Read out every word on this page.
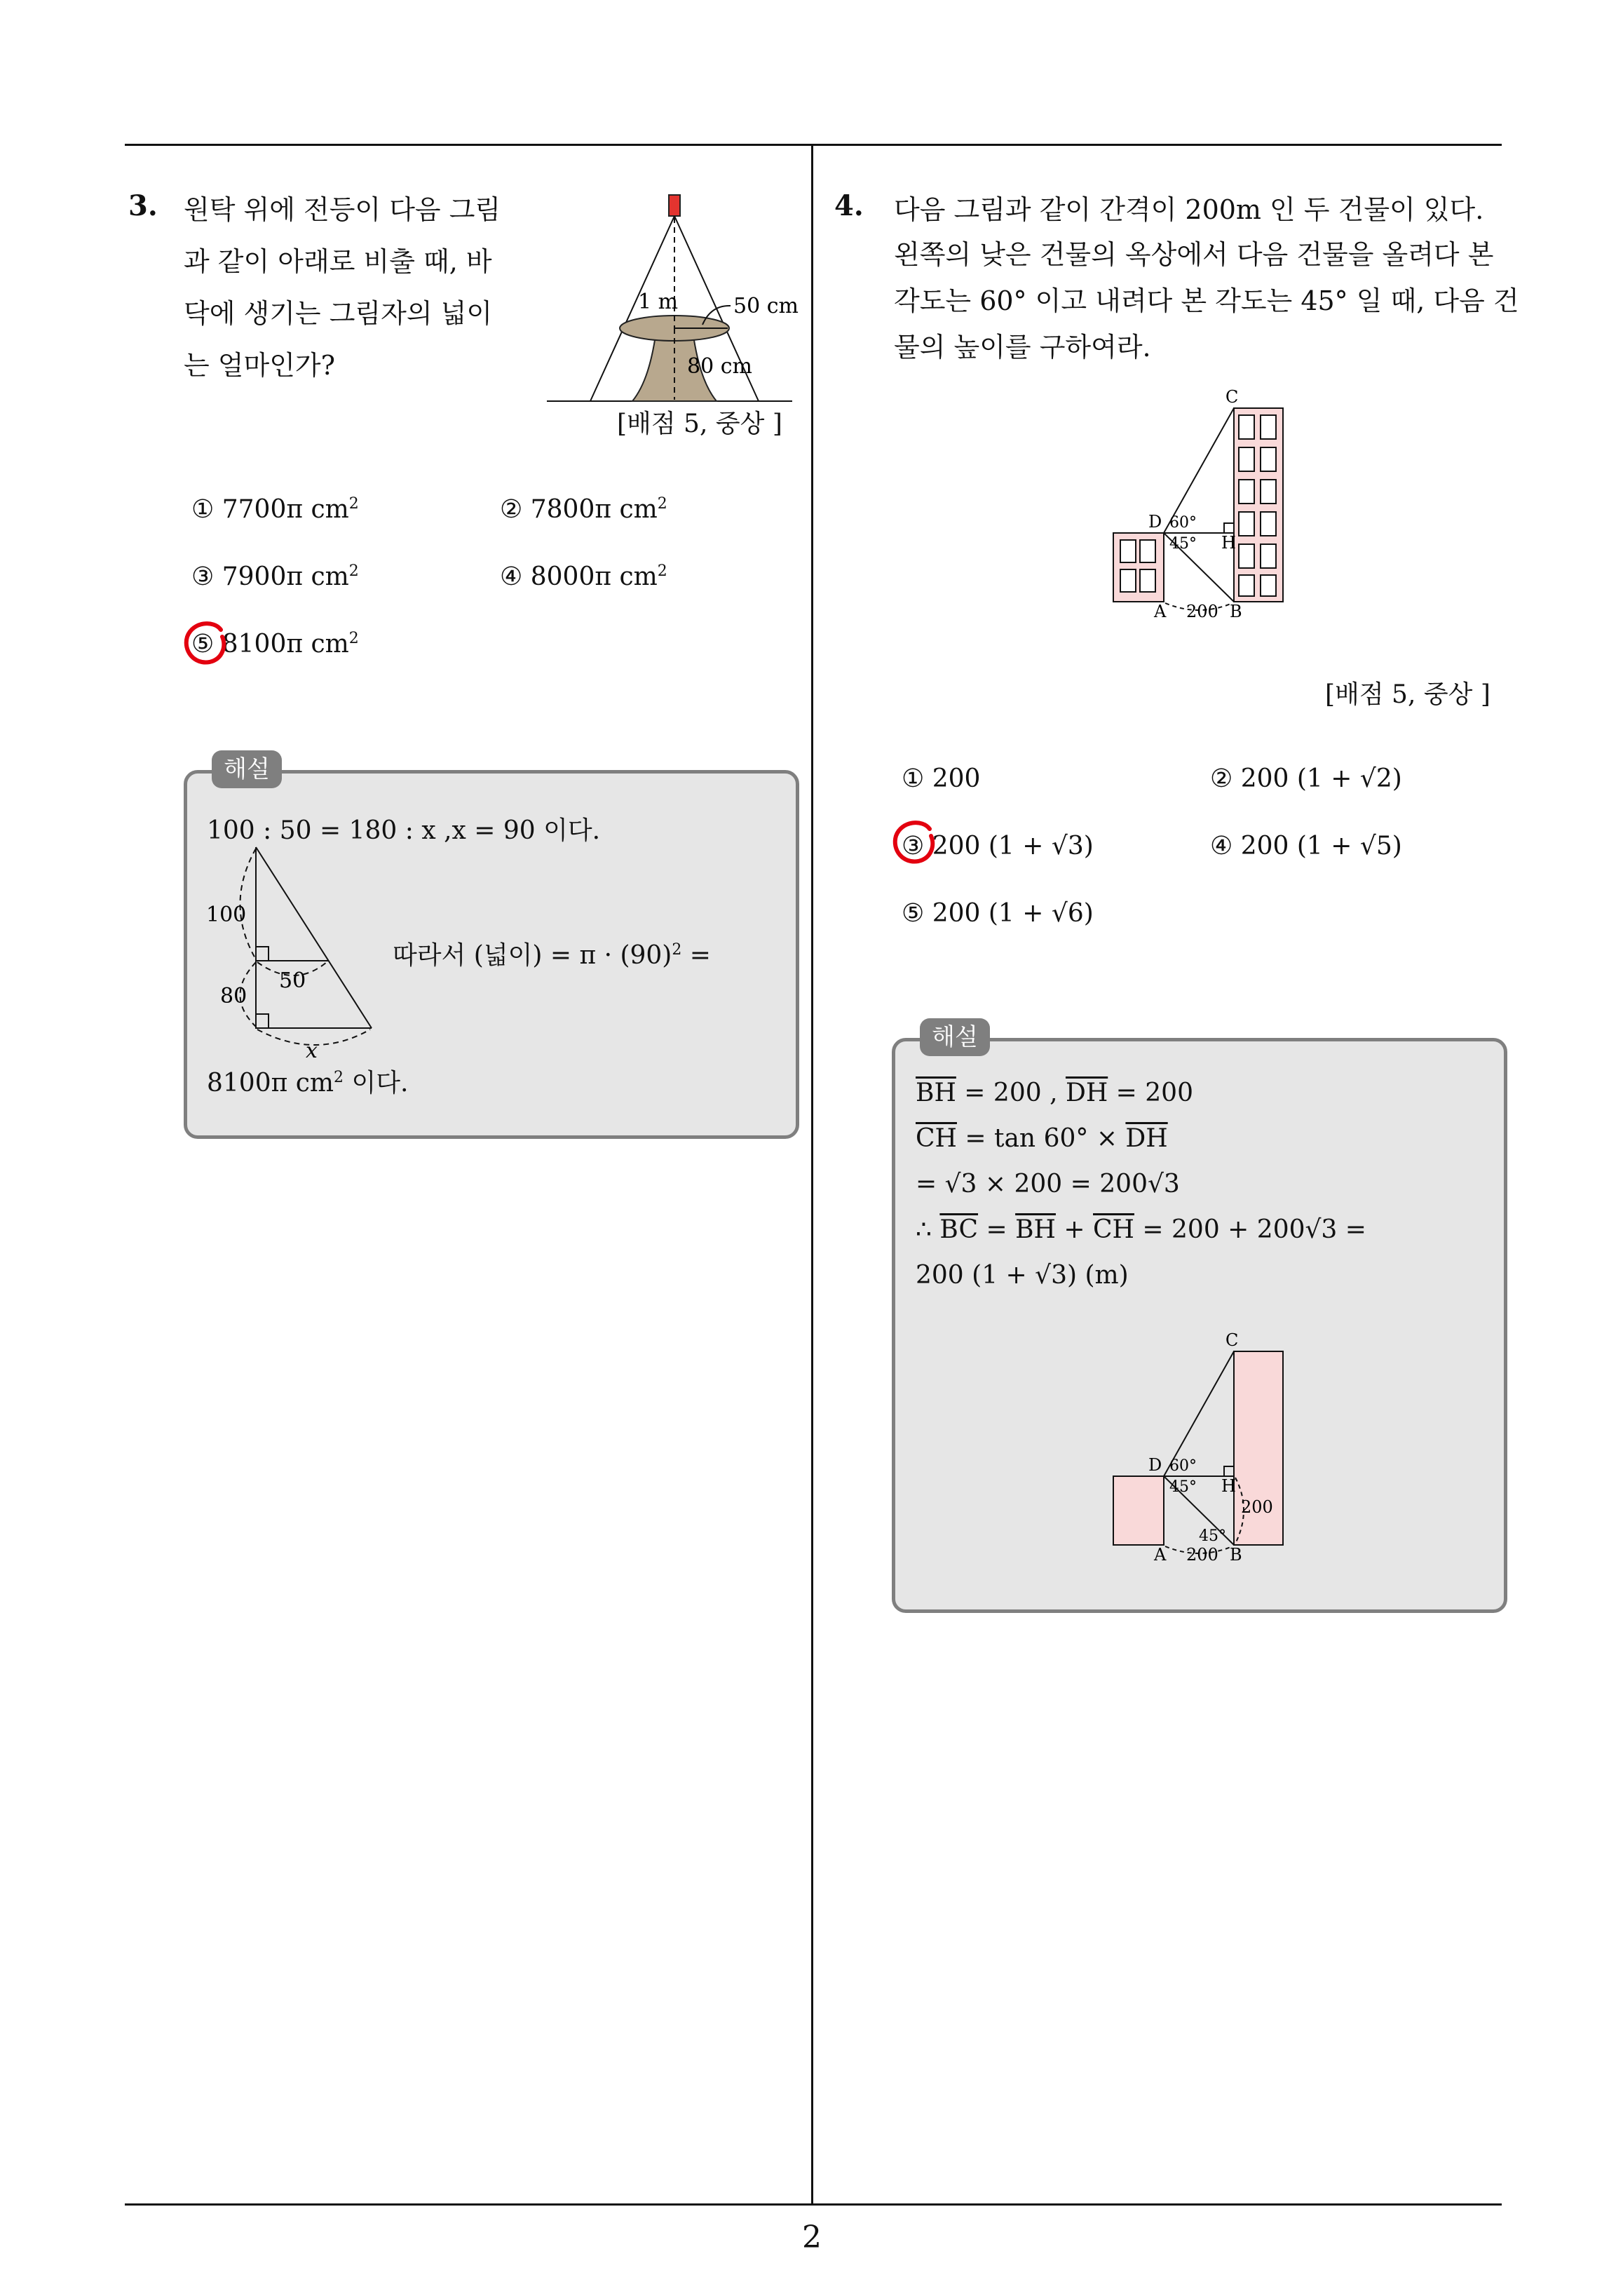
2
3. 원탁 위에 전등이 다음 그림
과 같이 아래로 비출 때, 바
닥에 생기는 그림자의 넓이
는 얼마인가?
1 m	50 cm
80 cm
[배점 5, 중상 ]
① 7700π $cm^2$	② 7800π $cm^2$
③ 7900π $cm^2$	④ 8000π $cm^2$
⑤ 8100π $cm^2$
해설
100 : 50 = 180 : x ,x = 90 이다.
100
50
80
x
따라서 (넓이) = $\pi \cdot (90)^2$ =
8100π $cm^2$ 이다.
4. 다음 그림과 같이 간격이 200m 인 두 건물이 있다.
왼쪽의 낮은 건물의 옥상에서 다음 건물을 올려다 본
각도는 60° 이고 내려다 본 각도는 45° 일 때, 다음 건
물의 높이를 구하여라.
C
D 60°
45° H
A 200 B
[배점 5, 중상 ]
① 200	② 200 (1 + √2)
③ 200 (1 + √3)	④ 200 (1 + √5)
⑤ 200 (1 + √6)
해설
$\overline{BH} = 200$ , $\overline{DH} = 200$
$\overline{CH} = \tan 60^\circ \times \overline{DH}$
= √3 × 200 = 200√3
∴ $\overline{BC} = \overline{BH} + \overline{CH} = 200 + 200√3$ =
200 (1 + √3) (m)
C
D 60°
45° H
200
45°
A 200 B
